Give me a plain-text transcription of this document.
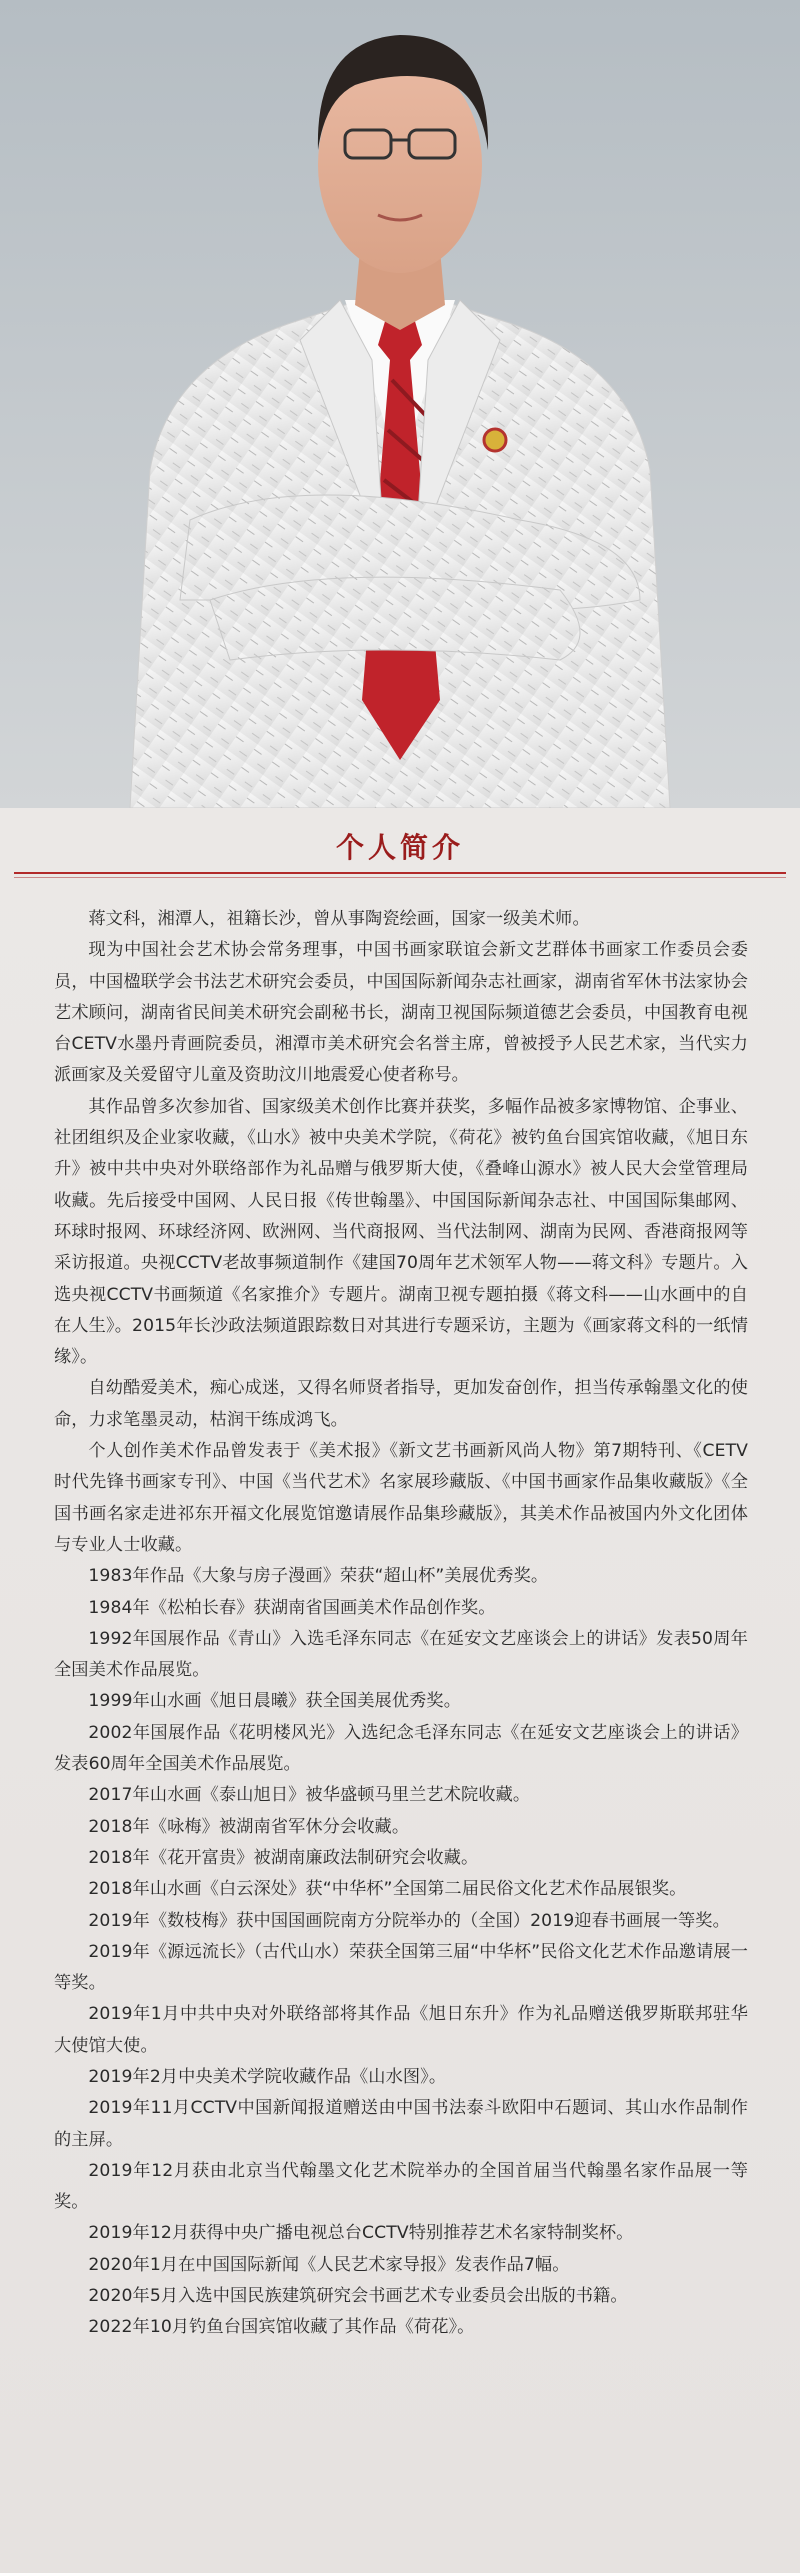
个人简介

蒋文科，湘潭人，祖籍长沙，曾从事陶瓷绘画，国家一级美术师。

现为中国社会艺术协会常务理事，中国书画家联谊会新文艺群体书画家工作委员会委员，中国楹联学会书法艺术研究会委员，中国国际新闻杂志社画家，湖南省军休书法家协会艺术顾问，湖南省民间美术研究会副秘书长，湖南卫视国际频道德艺会委员，中国教育电视台CETV水墨丹青画院委员，湘潭市美术研究会名誉主席，曾被授予人民艺术家，当代实力派画家及关爱留守儿童及资助汶川地震爱心使者称号。

其作品曾多次参加省、国家级美术创作比赛并获奖，多幅作品被多家博物馆、企事业、社团组织及企业家收藏，《山水》被中央美术学院，《荷花》被钓鱼台国宾馆收藏，《旭日东升》被中共中央对外联络部作为礼品赠与俄罗斯大使，《叠峰山源水》被人民大会堂管理局收藏。先后接受中国网、人民日报《传世翰墨》、中国国际新闻杂志社、中国国际集邮网、环球时报网、环球经济网、欧洲网、当代商报网、当代法制网、湖南为民网、香港商报网等采访报道。央视CCTV老故事频道制作《建国70周年艺术领军人物——蒋文科》专题片。入选央视CCTV书画频道《名家推介》专题片。湖南卫视专题拍摄《蒋文科——山水画中的自在人生》。2015年长沙政法频道跟踪数日对其进行专题采访，主题为《画家蒋文科的一纸情缘》。

自幼酷爱美术，痴心成迷，又得名师贤者指导，更加发奋创作，担当传承翰墨文化的使命，力求笔墨灵动，枯润干练成鸿飞。

个人创作美术作品曾发表于《美术报》《新文艺书画新风尚人物》第7期特刊、《CETV时代先锋书画家专刊》、中国《当代艺术》名家展珍藏版、《中国书画家作品集收藏版》《全国书画名家走进祁东开福文化展览馆邀请展作品集珍藏版》，其美术作品被国内外文化团体与专业人士收藏。

1983年作品《大象与房子漫画》荣获“超山杯”美展优秀奖。

1984年《松柏长春》获湖南省国画美术作品创作奖。

1992年国展作品《青山》入选毛泽东同志《在延安文艺座谈会上的讲话》发表50周年全国美术作品展览。

1999年山水画《旭日晨曦》获全国美展优秀奖。

2002年国展作品《花明楼风光》入选纪念毛泽东同志《在延安文艺座谈会上的讲话》发表60周年全国美术作品展览。

2017年山水画《泰山旭日》被华盛顿马里兰艺术院收藏。

2018年《咏梅》被湖南省军休分会收藏。

2018年《花开富贵》被湖南廉政法制研究会收藏。

2018年山水画《白云深处》获“中华杯”全国第二届民俗文化艺术作品展银奖。

2019年《数枝梅》获中国国画院南方分院举办的（全国）2019迎春书画展一等奖。

2019年《源远流长》（古代山水）荣获全国第三届“中华杯”民俗文化艺术作品邀请展一等奖。

2019年1月中共中央对外联络部将其作品《旭日东升》作为礼品赠送俄罗斯联邦驻华大使馆大使。

2019年2月中央美术学院收藏作品《山水图》。

2019年11月CCTV中国新闻报道赠送由中国书法泰斗欧阳中石题词、其山水作品制作的主屏。

2019年12月获由北京当代翰墨文化艺术院举办的全国首届当代翰墨名家作品展一等奖。

2019年12月获得中央广播电视总台CCTV特别推荐艺术名家特制奖杯。

2020年1月在中国国际新闻《人民艺术家导报》发表作品7幅。

2020年5月入选中国民族建筑研究会书画艺术专业委员会出版的书籍。

2022年10月钓鱼台国宾馆收藏了其作品《荷花》。
